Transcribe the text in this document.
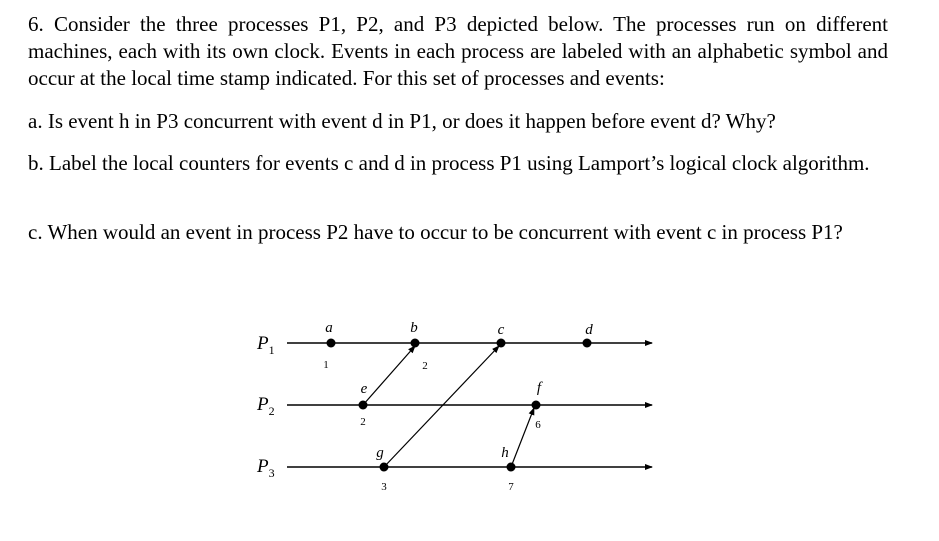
6. Consider the three processes P1, P2, and P3 depicted below. The processes run on different machines, each with its own clock. Events in each process are labeled with an alphabetic symbol and occur at the local time stamp indicated. For this set of processes and events:

a. Is event h in P3 concurrent with event d in P1, or does it happen before event d? Why?

b. Label the local counters for events c and d in process P1 using Lamport’s logical clock algorithm.

c. When would an event in process P2 have to occur to be concurrent with event c in process P1?

$P_1$
$P_2$
$P_3$
a	b	c	d
e	f
g	h
1	2
2	6
3	7
